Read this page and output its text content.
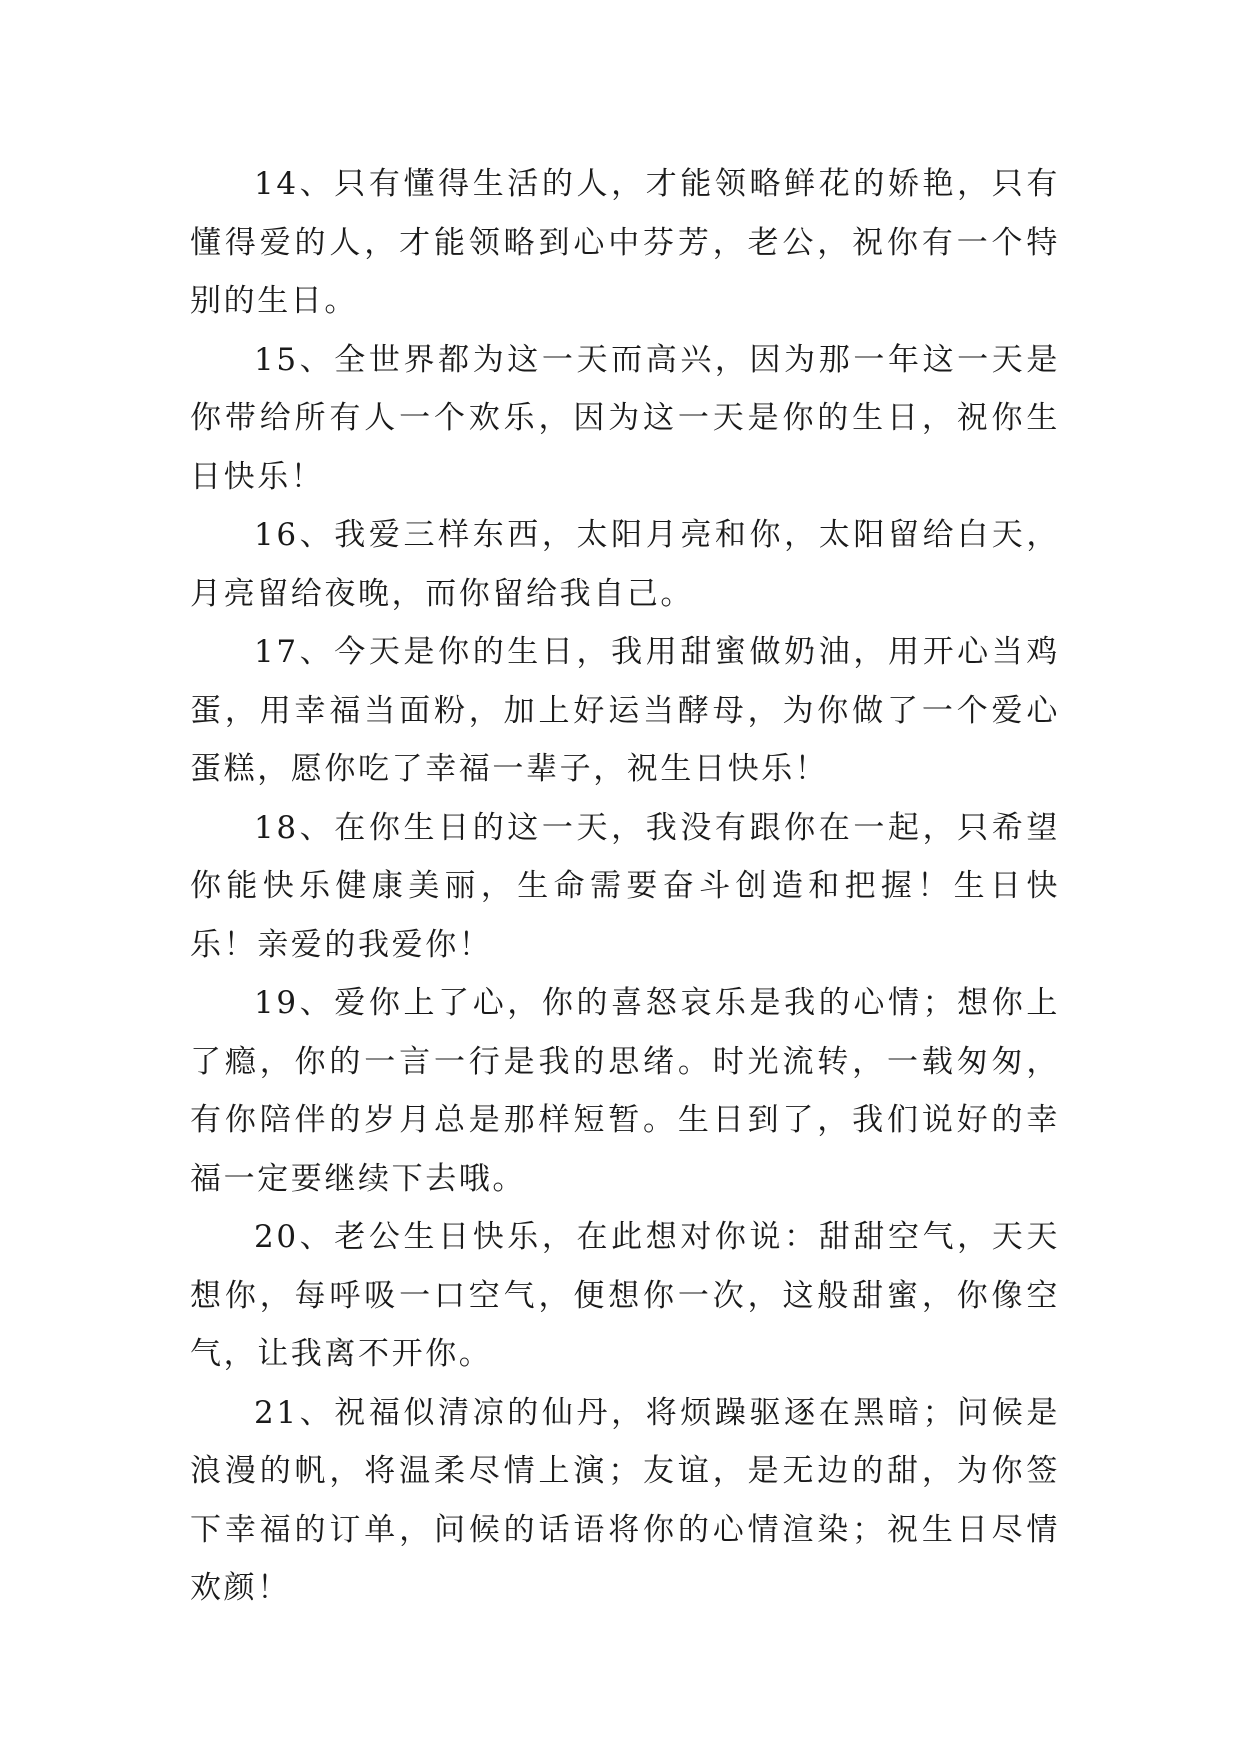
14、只有懂得生活的人，才能领略鲜花的娇艳，只有懂得爱的人，才能领略到心中芬芳，老公，祝你有一个特别的生日。

15、全世界都为这一天而高兴，因为那一年这一天是你带给所有人一个欢乐，因为这一天是你的生日，祝你生日快乐！

16、我爱三样东西，太阳月亮和你，太阳留给白天，月亮留给夜晚，而你留给我自己。

17、今天是你的生日，我用甜蜜做奶油，用开心当鸡蛋，用幸福当面粉，加上好运当酵母，为你做了一个爱心蛋糕，愿你吃了幸福一辈子，祝生日快乐！

18、在你生日的这一天，我没有跟你在一起，只希望你能快乐健康美丽，生命需要奋斗创造和把握！生日快乐！亲爱的我爱你！

19、爱你上了心，你的喜怒哀乐是我的心情；想你上了瘾，你的一言一行是我的思绪。时光流转，一载匆匆，有你陪伴的岁月总是那样短暂。生日到了，我们说好的幸福一定要继续下去哦。

20、老公生日快乐，在此想对你说：甜甜空气，天天想你，每呼吸一口空气，便想你一次，这般甜蜜，你像空气，让我离不开你。

21、祝福似清凉的仙丹，将烦躁驱逐在黑暗；问候是浪漫的帆，将温柔尽情上演；友谊，是无边的甜，为你签下幸福的订单，问候的话语将你的心情渲染；祝生日尽情欢颜！
